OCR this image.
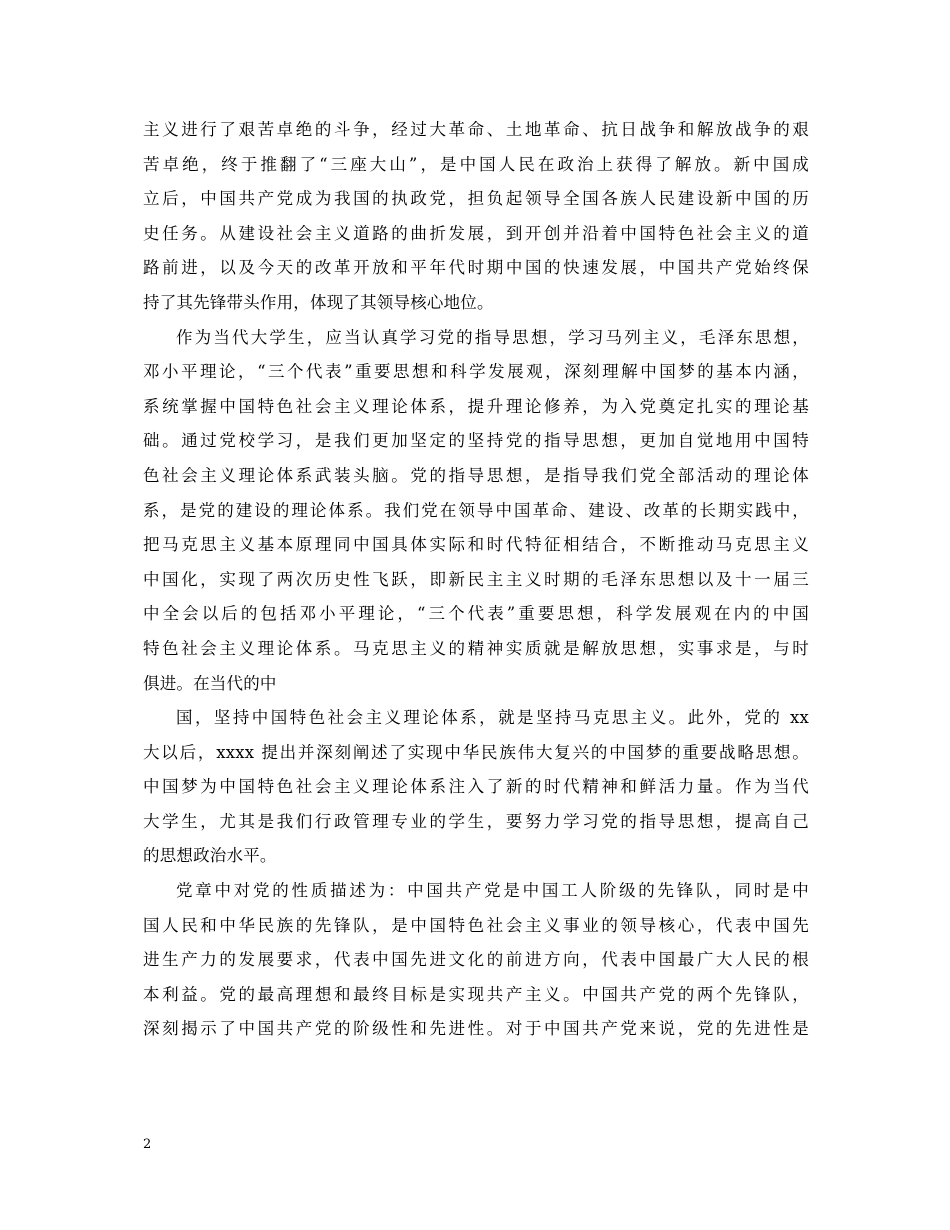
主义进行了艰苦卓绝的斗争，经过大革命、土地革命、抗日战争和解放战争的艰
苦卓绝，终于推翻了“三座大山”，是中国人民在政治上获得了解放。新中国成
立后，中国共产党成为我国的执政党，担负起领导全国各族人民建设新中国的历
史任务。从建设社会主义道路的曲折发展，到开创并沿着中国特色社会主义的道
路前进，以及今天的改革开放和平年代时期中国的快速发展，中国共产党始终保
持了其先锋带头作用，体现了其领导核心地位。
作为当代大学生，应当认真学习党的指导思想，学习马列主义，毛泽东思想，
邓小平理论，“三个代表”重要思想和科学发展观，深刻理解中国梦的基本内涵，
系统掌握中国特色社会主义理论体系，提升理论修养，为入党奠定扎实的理论基
础。通过党校学习，是我们更加坚定的坚持党的指导思想，更加自觉地用中国特
色社会主义理论体系武装头脑。党的指导思想，是指导我们党全部活动的理论体
系，是党的建设的理论体系。我们党在领导中国革命、建设、改革的长期实践中，
把马克思主义基本原理同中国具体实际和时代特征相结合，不断推动马克思主义
中国化，实现了两次历史性飞跃，即新民主主义时期的毛泽东思想以及十一届三
中全会以后的包括邓小平理论，“三个代表”重要思想，科学发展观在内的中国
特色社会主义理论体系。马克思主义的精神实质就是解放思想，实事求是，与时
俱进。在当代的中
国，坚持中国特色社会主义理论体系，就是坚持马克思主义。此外，党的 xx
大以后，xxxx 提出并深刻阐述了实现中华民族伟大复兴的中国梦的重要战略思想。
中国梦为中国特色社会主义理论体系注入了新的时代精神和鲜活力量。作为当代
大学生，尤其是我们行政管理专业的学生，要努力学习党的指导思想，提高自己
的思想政治水平。
党章中对党的性质描述为：中国共产党是中国工人阶级的先锋队，同时是中
国人民和中华民族的先锋队，是中国特色社会主义事业的领导核心，代表中国先
进生产力的发展要求，代表中国先进文化的前进方向，代表中国最广大人民的根
本利益。党的最高理想和最终目标是实现共产主义。中国共产党的两个先锋队，
深刻揭示了中国共产党的阶级性和先进性。对于中国共产党来说，党的先进性是
2
